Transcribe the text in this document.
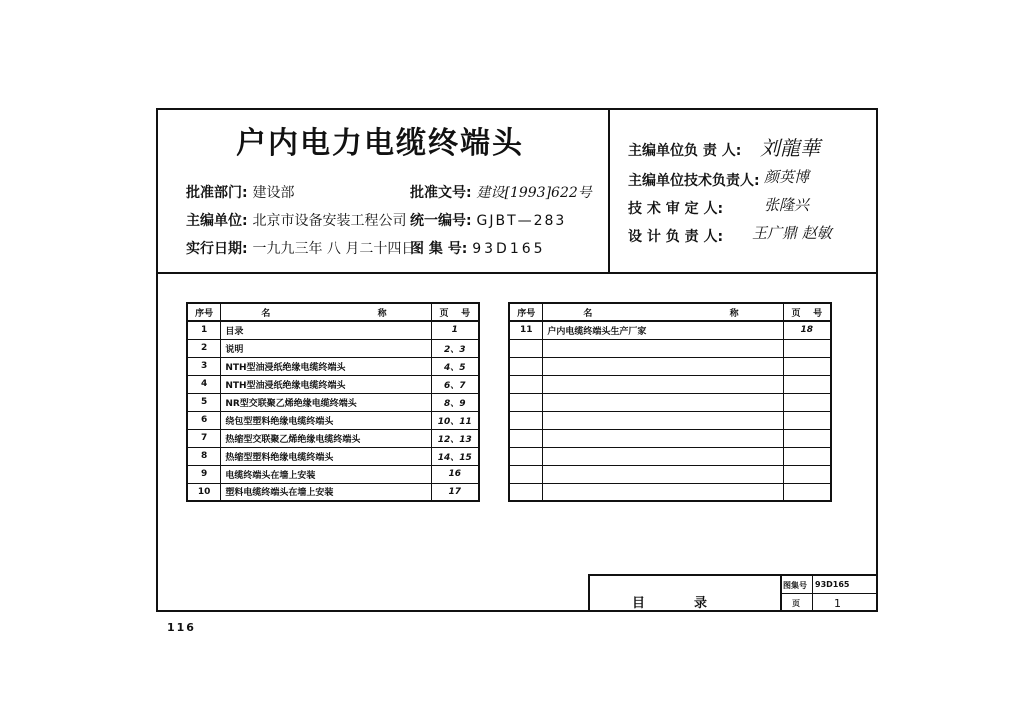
户内电力电缆终端头
批准部门: 建设部	批准文号: 建设[1993]622号
主编单位: 北京市设备安装工程公司 统一编号: GJBT—283
实行日期: 一九九三年 八 月二十四日
图 集 号: 93D165
主编单位负 责 人: 刘龍華
主编单位技术负责人: 颜英博
技 术 审 定 人:	张隆兴
设 计 负 责 人: 王广鼎 赵敏
序号	名 称	页 号
1	目录	1
2	说明	2、3
3	NTH型油浸纸绝缘电缆终端头	4、5
4	NTH型油浸纸绝缘电缆终端头	6、7
5	NR型交联聚乙烯绝缘电缆终端头	8、9
6	绕包型塑料绝缘电缆终端头	10、11
7	热缩型交联聚乙烯绝缘电缆终端头	12、13
8	热缩型塑料绝缘电缆终端头	14、15
9	电缆终端头在墙上安装	16
10	塑料电缆终端头在墙上安装	17
序号	名 称	页 号
11	户内电缆终端头生产厂家	18

目	录
图集号 93D165
页	1
116
